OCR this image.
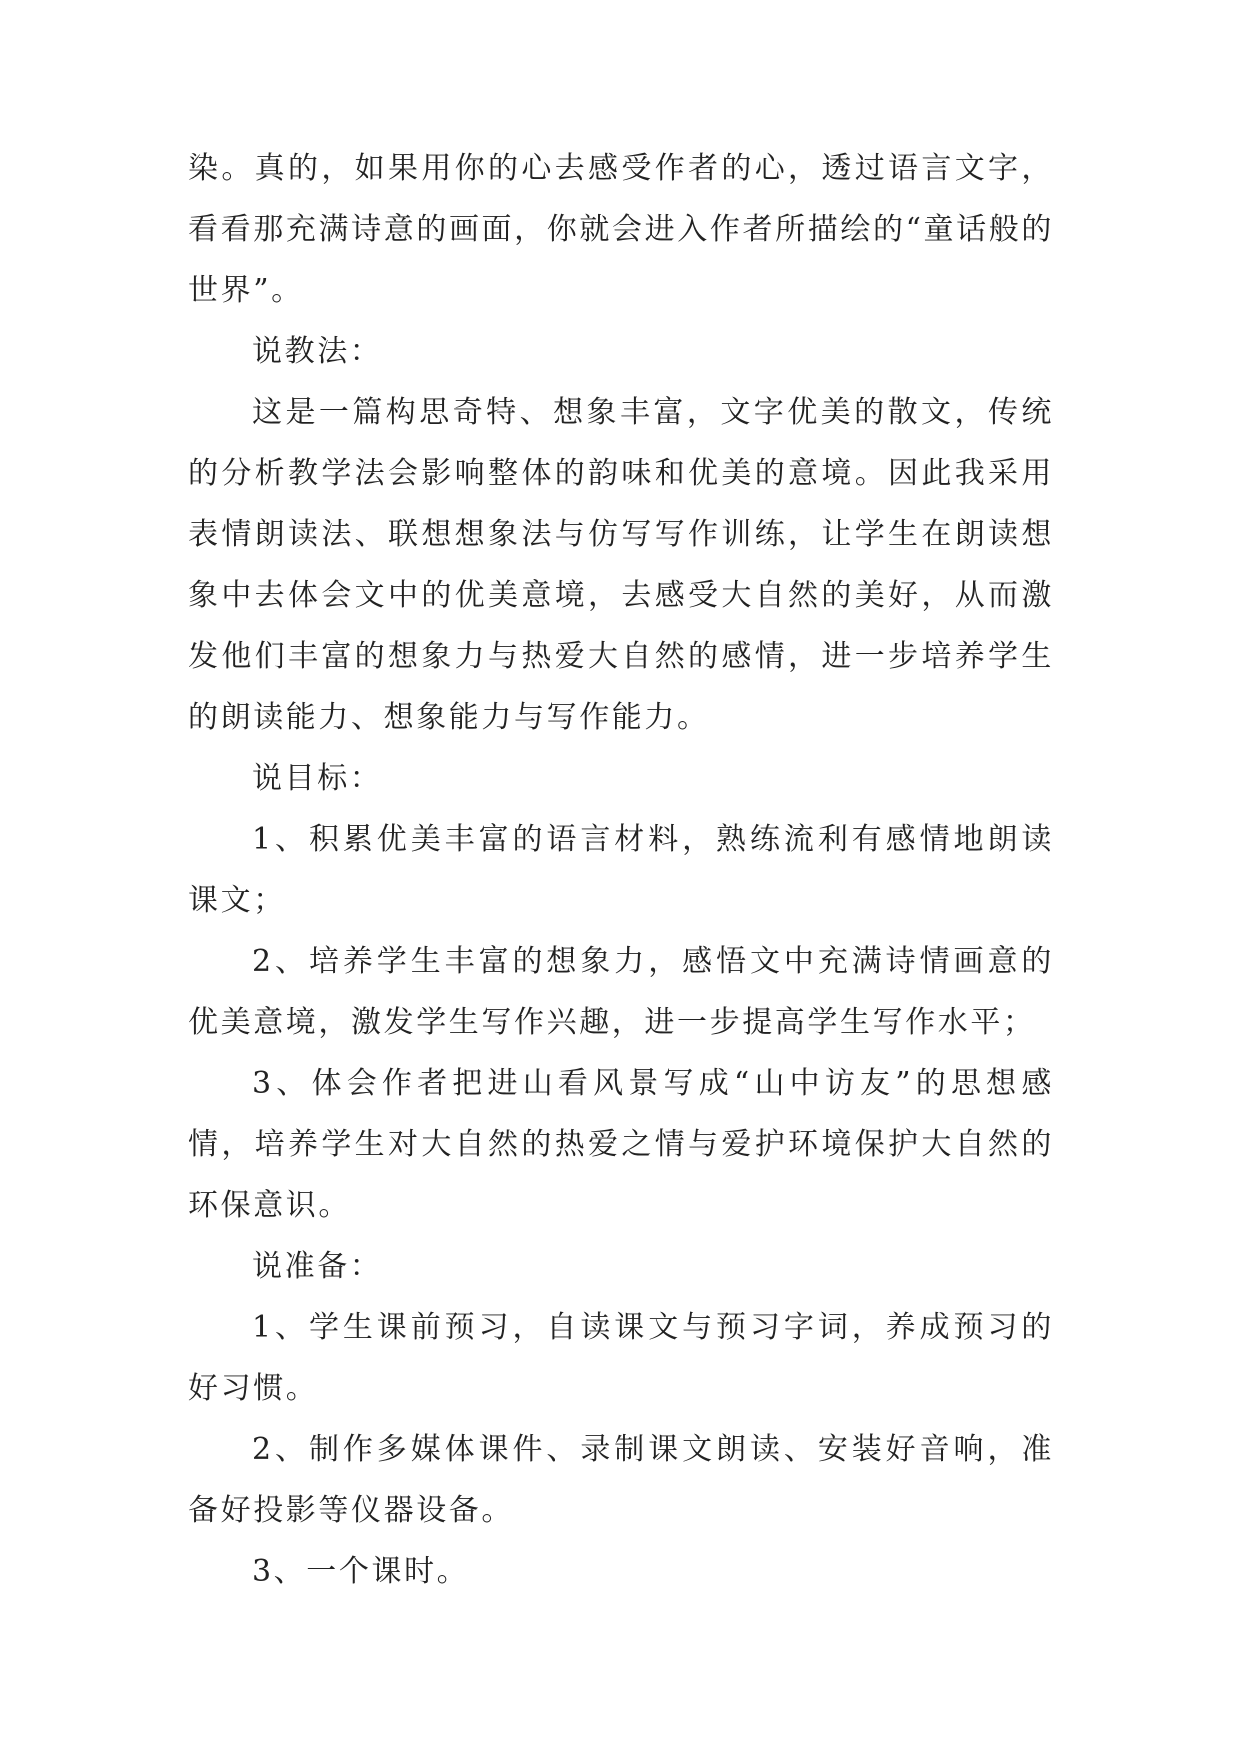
染。真的，如果用你的心去感受作者的心，透过语言文字，看看那充满诗意的画面，你就会进入作者所描绘的“童话般的世界”。

说教法：

这是一篇构思奇特、想象丰富，文字优美的散文，传统的分析教学法会影响整体的韵味和优美的意境。因此我采用表情朗读法、联想想象法与仿写写作训练，让学生在朗读想象中去体会文中的优美意境，去感受大自然的美好，从而激发他们丰富的想象力与热爱大自然的感情，进一步培养学生的朗读能力、想象能力与写作能力。

说目标：

1、积累优美丰富的语言材料，熟练流利有感情地朗读课文；

2、培养学生丰富的想象力，感悟文中充满诗情画意的优美意境，激发学生写作兴趣，进一步提高学生写作水平；

3、体会作者把进山看风景写成“山中访友”的思想感情，培养学生对大自然的热爱之情与爱护环境保护大自然的环保意识。

说准备：

1、学生课前预习，自读课文与预习字词，养成预习的好习惯。

2、制作多媒体课件、录制课文朗读、安装好音响，准备好投影等仪器设备。

3、一个课时。
